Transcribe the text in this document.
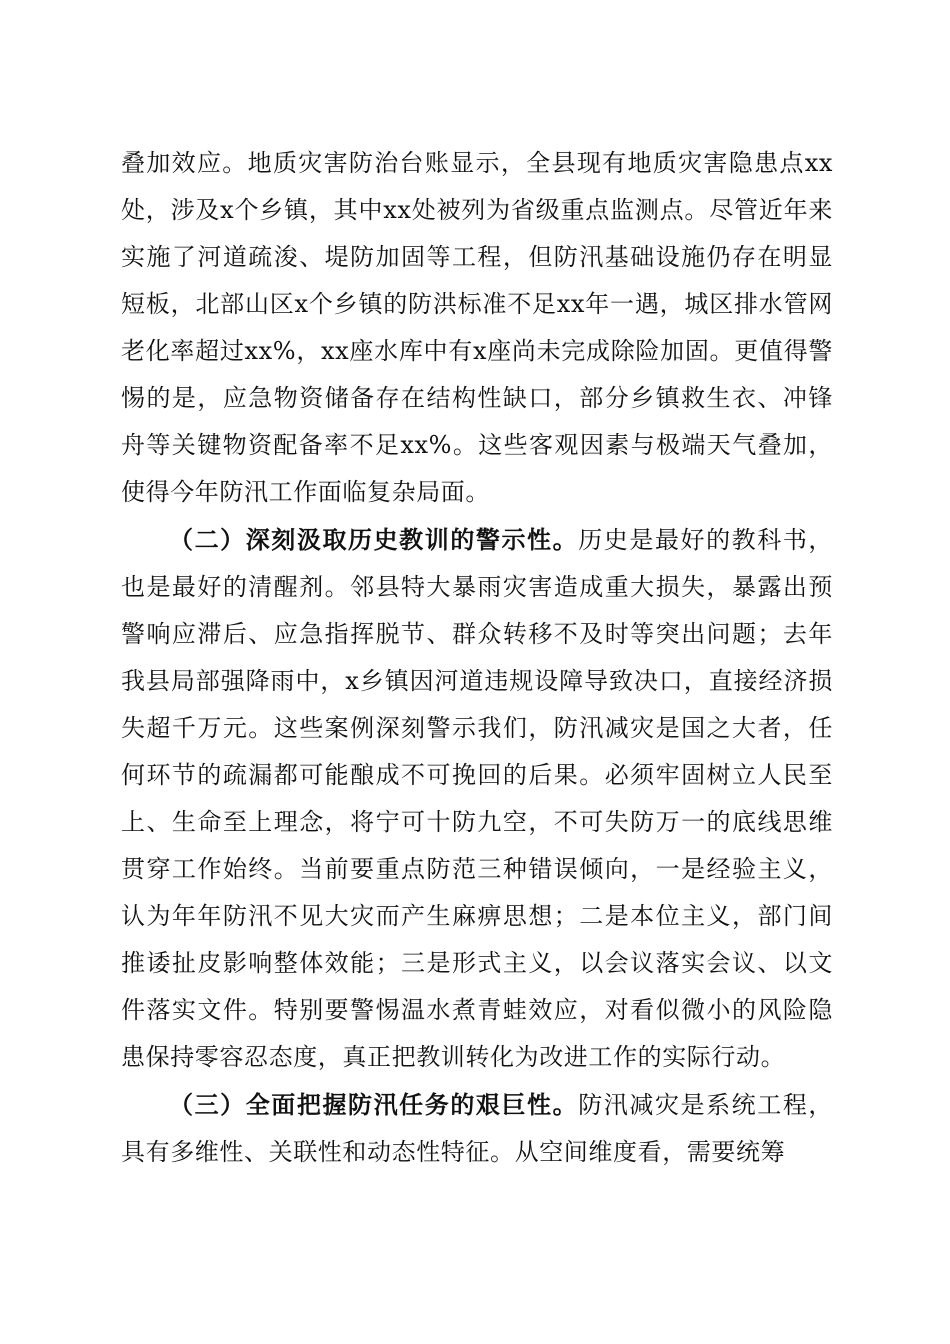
叠加效应。地质灾害防治台账显示，全县现有地质灾害隐患点xx处，涉及x个乡镇，其中xx处被列为省级重点监测点。尽管近年来实施了河道疏浚、堤防加固等工程，但防汛基础设施仍存在明显短板，北部山区x个乡镇的防洪标准不足xx年一遇，城区排水管网老化率超过xx%，xx座水库中有x座尚未完成除险加固。更值得警惕的是，应急物资储备存在结构性缺口，部分乡镇救生衣、冲锋舟等关键物资配备率不足xx%。这些客观因素与极端天气叠加，使得今年防汛工作面临复杂局面。

（二）深刻汲取历史教训的警示性。历史是最好的教科书，也是最好的清醒剂。邻县特大暴雨灾害造成重大损失，暴露出预警响应滞后、应急指挥脱节、群众转移不及时等突出问题；去年我县局部强降雨中，x乡镇因河道违规设障导致决口，直接经济损失超千万元。这些案例深刻警示我们，防汛减灾是国之大者，任何环节的疏漏都可能酿成不可挽回的后果。必须牢固树立人民至上、生命至上理念，将宁可十防九空，不可失防万一的底线思维贯穿工作始终。当前要重点防范三种错误倾向，一是经验主义，认为年年防汛不见大灾而产生麻痹思想；二是本位主义，部门间推诿扯皮影响整体效能；三是形式主义，以会议落实会议、以文件落实文件。特别要警惕温水煮青蛙效应，对看似微小的风险隐患保持零容忍态度，真正把教训转化为改进工作的实际行动。

（三）全面把握防汛任务的艰巨性。防汛减灾是系统工程，具有多维性、关联性和动态性特征。从空间维度看，需要统筹
